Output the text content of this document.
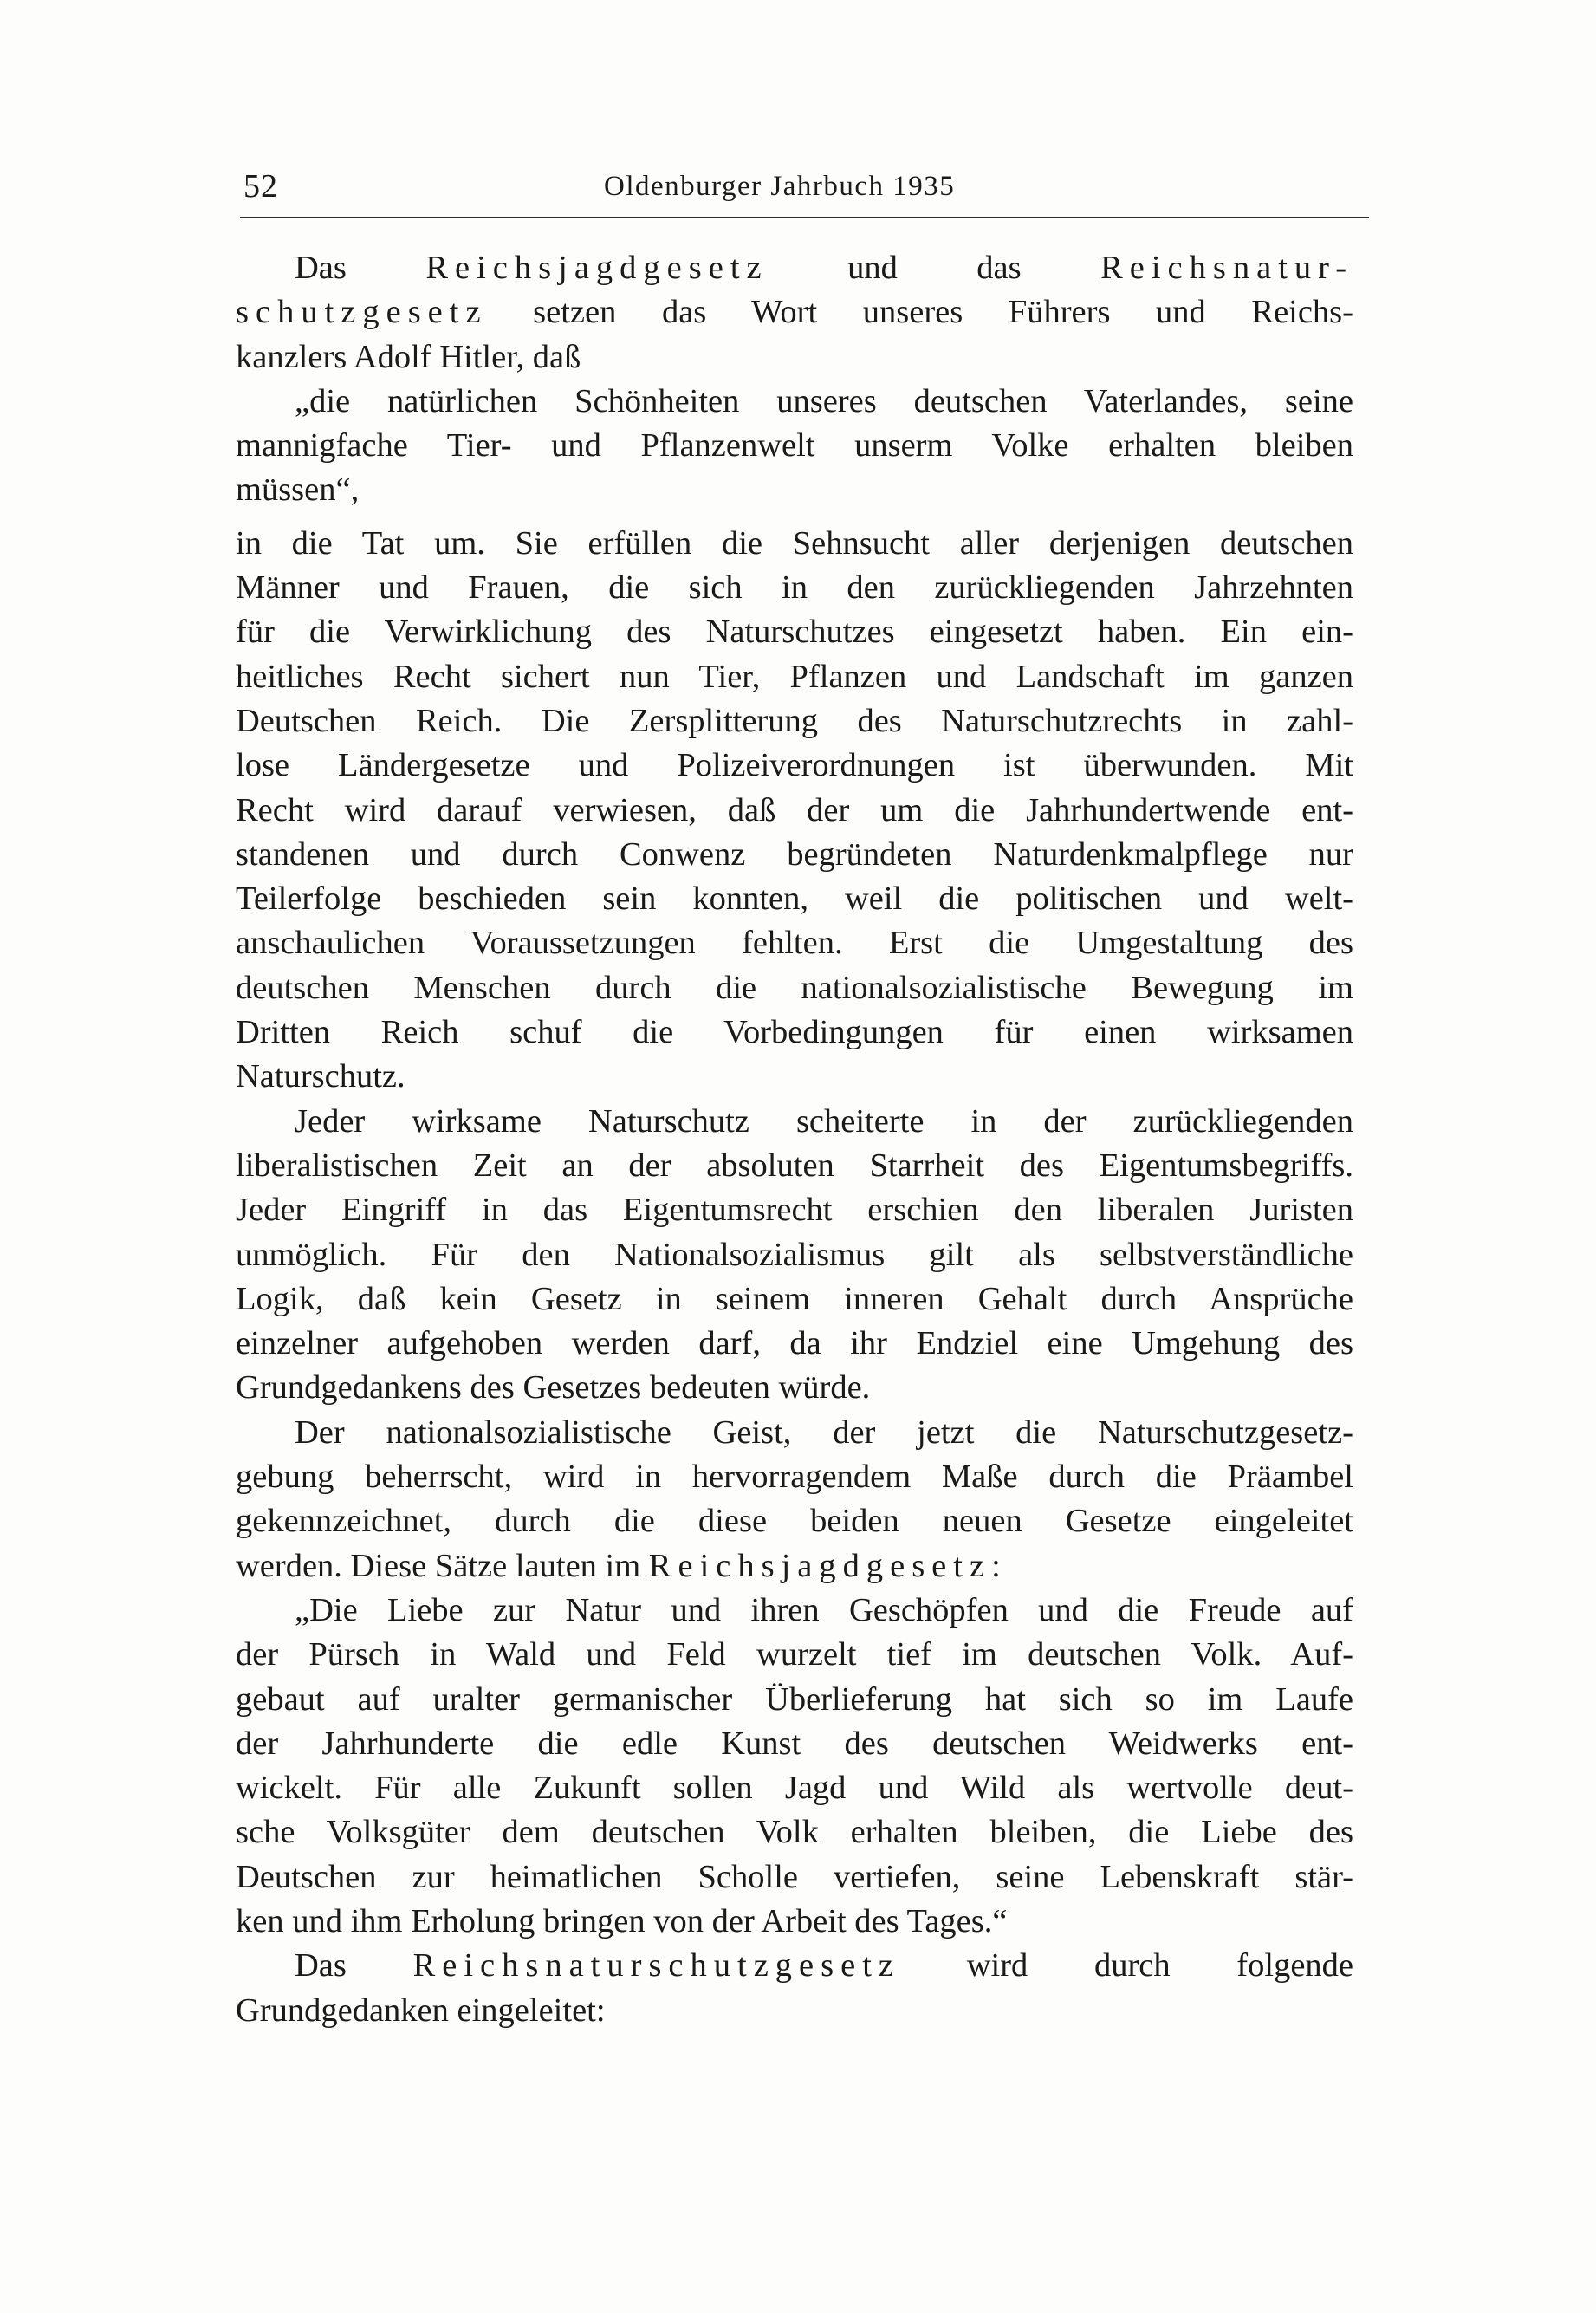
52	Oldenburger Jahrbuch 1935
Das Reichsjagdgesetz und das Reichsnatur-
schutzgesetz setzen das Wort unseres Führers und Reichs-
kanzlers Adolf Hitler, daß
„die natürlichen Schönheiten unseres deutschen Vaterlandes, seine
mannigfache Tier- und Pflanzenwelt unserm Volke erhalten bleiben
müssen“,
in die Tat um. Sie erfüllen die Sehnsucht aller derjenigen deutschen
Männer und Frauen, die sich in den zurückliegenden Jahrzehnten
für die Verwirklichung des Naturschutzes eingesetzt haben. Ein ein-
heitliches Recht sichert nun Tier, Pflanzen und Landschaft im ganzen
Deutschen Reich. Die Zersplitterung des Naturschutzrechts in zahl-
lose Ländergesetze und Polizeiverordnungen ist überwunden. Mit
Recht wird darauf verwiesen, daß der um die Jahrhundertwende ent-
standenen und durch Conwenz begründeten Naturdenkmalpflege nur
Teilerfolge beschieden sein konnten, weil die politischen und welt-
anschaulichen Voraussetzungen fehlten. Erst die Umgestaltung des
deutschen Menschen durch die nationalsozialistische Bewegung im
Dritten Reich schuf die Vorbedingungen für einen wirksamen
Naturschutz.
Jeder wirksame Naturschutz scheiterte in der zurückliegenden
liberalistischen Zeit an der absoluten Starrheit des Eigentumsbegriffs.
Jeder Eingriff in das Eigentumsrecht erschien den liberalen Juristen
unmöglich. Für den Nationalsozialismus gilt als selbstverständliche
Logik, daß kein Gesetz in seinem inneren Gehalt durch Ansprüche
einzelner aufgehoben werden darf, da ihr Endziel eine Umgehung des
Grundgedankens des Gesetzes bedeuten würde.
Der nationalsozialistische Geist, der jetzt die Naturschutzgesetz-
gebung beherrscht, wird in hervorragendem Maße durch die Präambel
gekennzeichnet, durch die diese beiden neuen Gesetze eingeleitet
werden. Diese Sätze lauten im Reichsjagdgesetz:
„Die Liebe zur Natur und ihren Geschöpfen und die Freude auf
der Pürsch in Wald und Feld wurzelt tief im deutschen Volk. Auf-
gebaut auf uralter germanischer Überlieferung hat sich so im Laufe
der Jahrhunderte die edle Kunst des deutschen Weidwerks ent-
wickelt. Für alle Zukunft sollen Jagd und Wild als wertvolle deut-
sche Volksgüter dem deutschen Volk erhalten bleiben, die Liebe des
Deutschen zur heimatlichen Scholle vertiefen, seine Lebenskraft stär-
ken und ihm Erholung bringen von der Arbeit des Tages.“
Das Reichsnaturschutzgesetz wird durch folgende
Grundgedanken eingeleitet:
